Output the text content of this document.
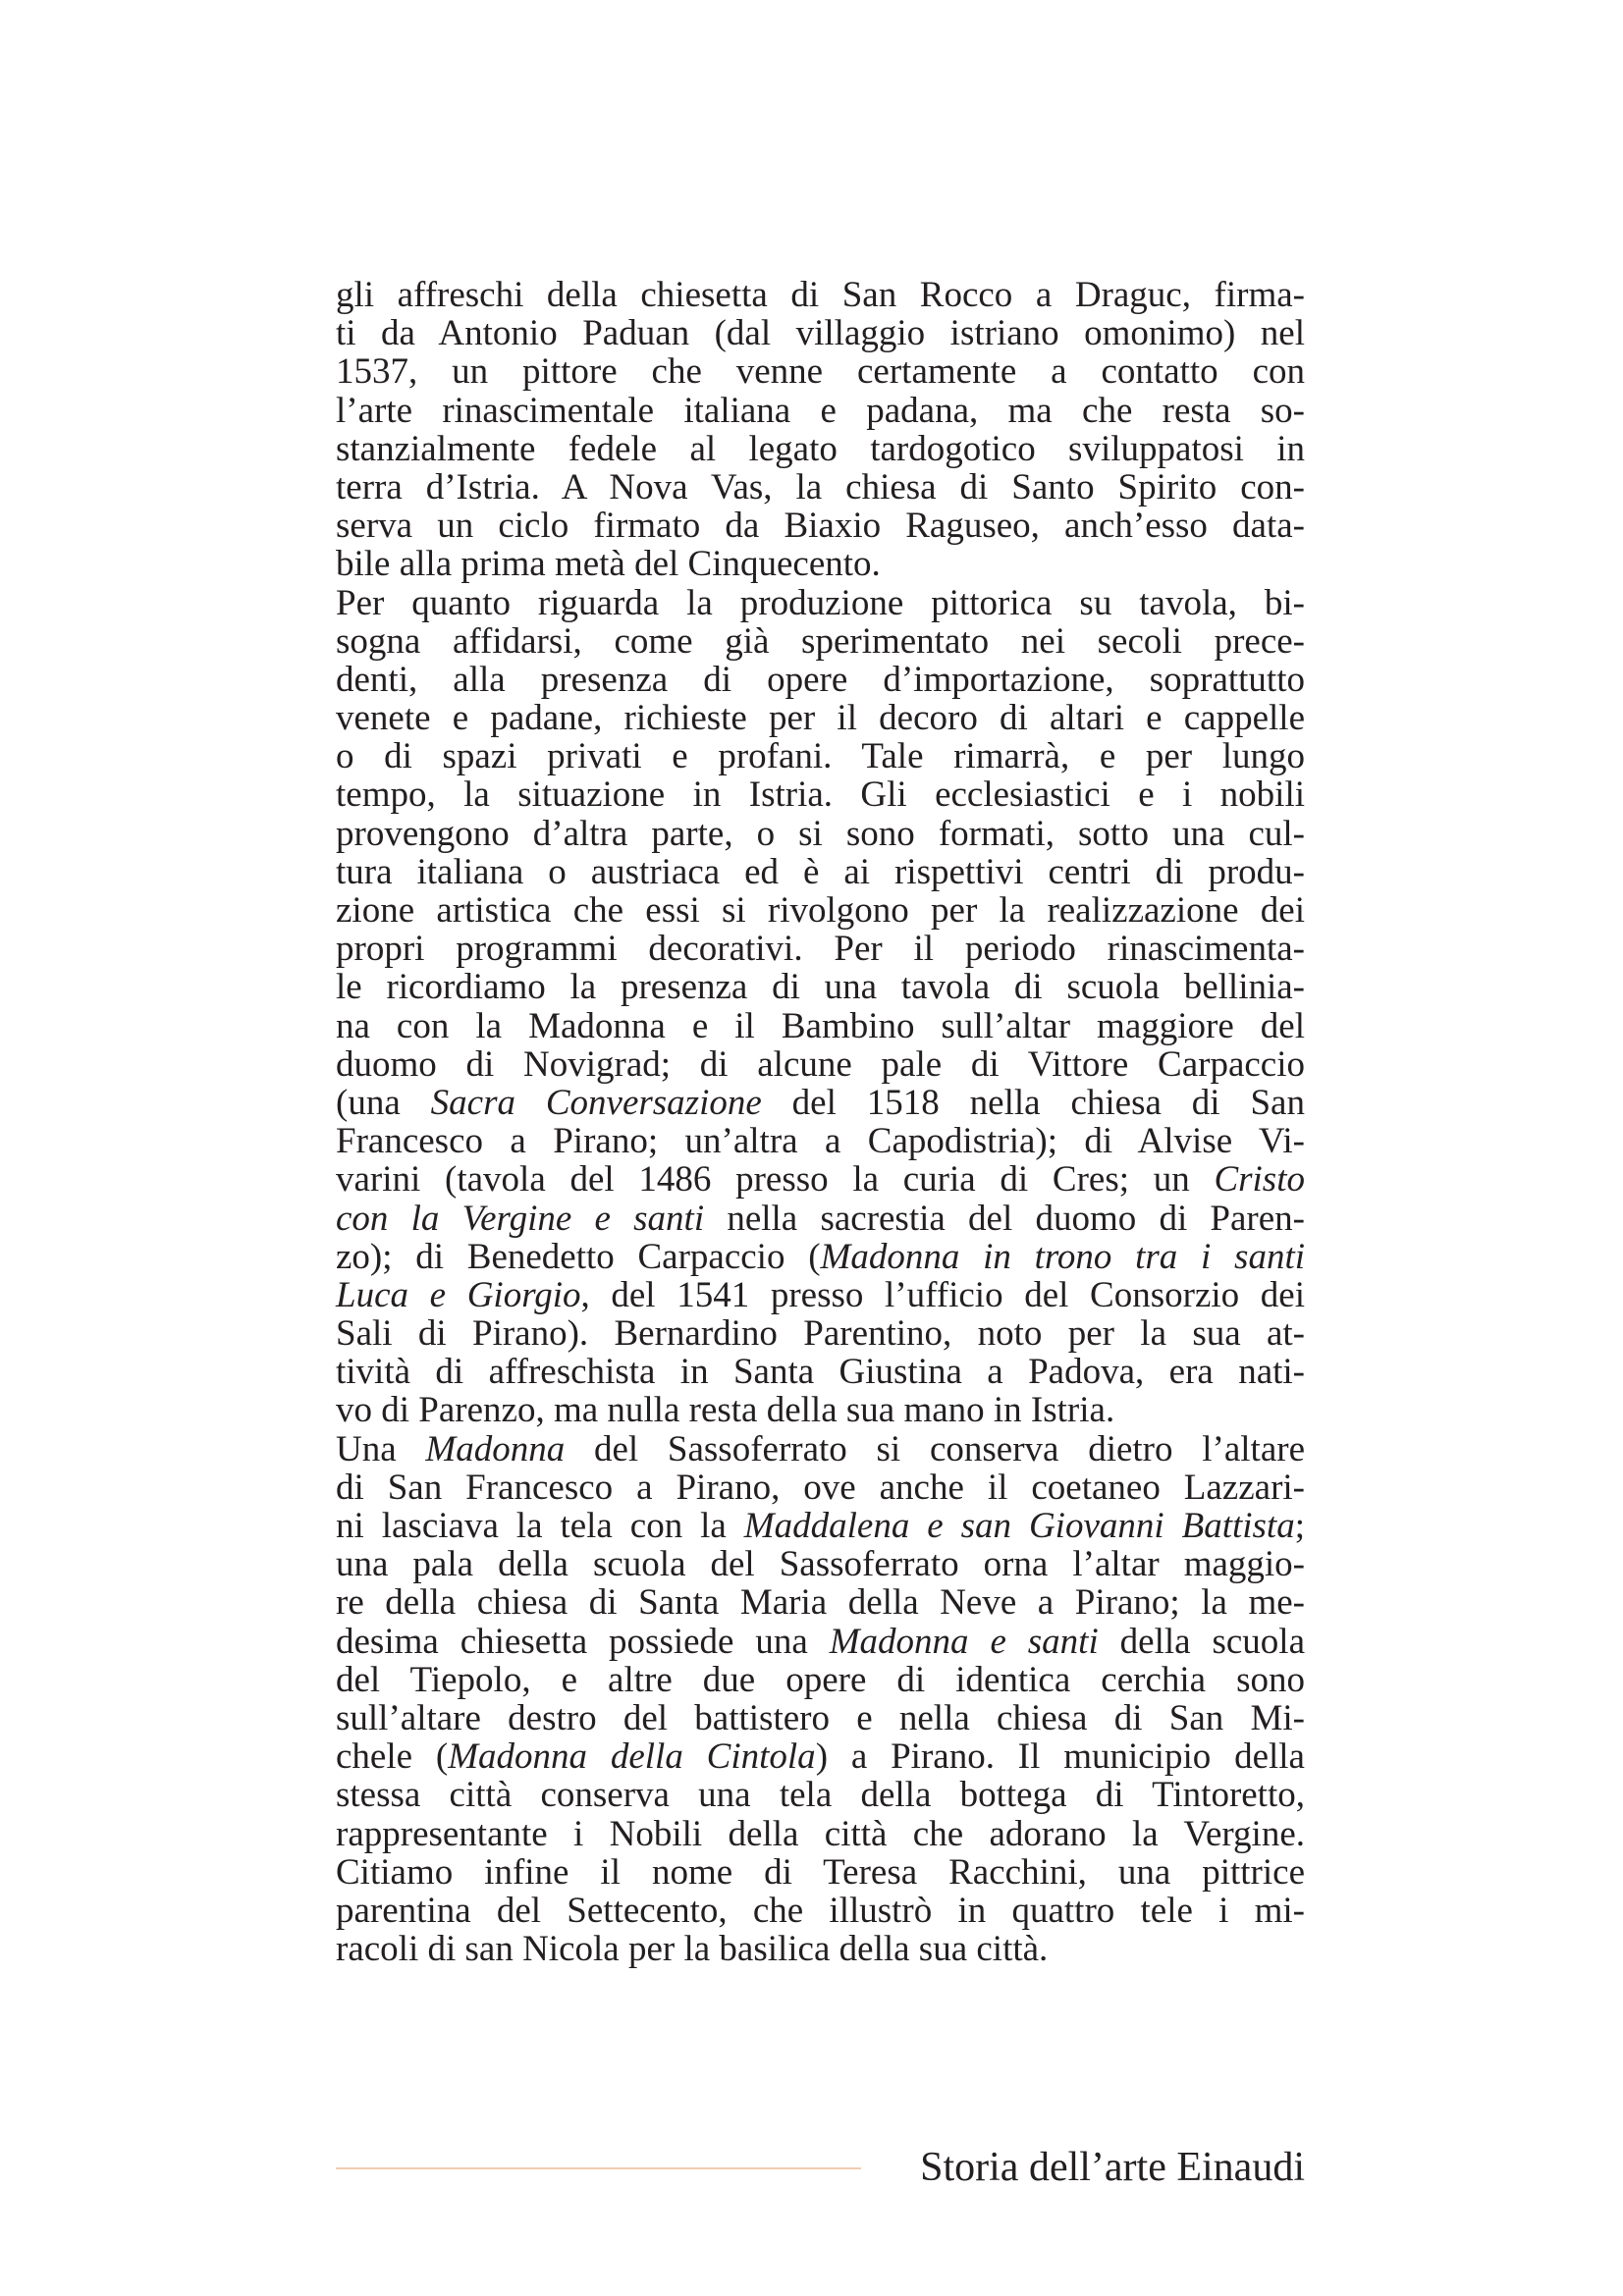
gli affreschi della chiesetta di San Rocco a Draguc, firma-
ti da Antonio Paduan (dal villaggio istriano omonimo) nel
1537, un pittore che venne certamente a contatto con
l’arte rinascimentale italiana e padana, ma che resta so-
stanzialmente fedele al legato tardogotico sviluppatosi in
terra d’Istria. A Nova Vas, la chiesa di Santo Spirito con-
serva un ciclo firmato da Biaxio Raguseo, anch’esso data-
bile alla prima metà del Cinquecento.
Per quanto riguarda la produzione pittorica su tavola, bi-
sogna affidarsi, come già sperimentato nei secoli prece-
denti, alla presenza di opere d’importazione, soprattutto
venete e padane, richieste per il decoro di altari e cappelle
o di spazi privati e profani. Tale rimarrà, e per lungo
tempo, la situazione in Istria. Gli ecclesiastici e i nobili
provengono d’altra parte, o si sono formati, sotto una cul-
tura italiana o austriaca ed è ai rispettivi centri di produ-
zione artistica che essi si rivolgono per la realizzazione dei
propri programmi decorativi. Per il periodo rinascimenta-
le ricordiamo la presenza di una tavola di scuola bellinia-
na con la Madonna e il Bambino sull’altar maggiore del
duomo di Novigrad; di alcune pale di Vittore Carpaccio
(una Sacra Conversazione del 1518 nella chiesa di San
Francesco a Pirano; un’altra a Capodistria); di Alvise Vi-
varini (tavola del 1486 presso la curia di Cres; un Cristo
con la Vergine e santi nella sacrestia del duomo di Paren-
zo); di Benedetto Carpaccio (Madonna in trono tra i santi
Luca e Giorgio, del 1541 presso l’ufficio del Consorzio dei
Sali di Pirano). Bernardino Parentino, noto per la sua at-
tività di affreschista in Santa Giustina a Padova, era nati-
vo di Parenzo, ma nulla resta della sua mano in Istria.
Una Madonna del Sassoferrato si conserva dietro l’altare
di San Francesco a Pirano, ove anche il coetaneo Lazzari-
ni lasciava la tela con la Maddalena e san Giovanni Battista;
una pala della scuola del Sassoferrato orna l’altar maggio-
re della chiesa di Santa Maria della Neve a Pirano; la me-
desima chiesetta possiede una Madonna e santi della scuola
del Tiepolo, e altre due opere di identica cerchia sono
sull’altare destro del battistero e nella chiesa di San Mi-
chele (Madonna della Cintola) a Pirano. Il municipio della
stessa città conserva una tela della bottega di Tintoretto,
rappresentante i Nobili della città che adorano la Vergine.
Citiamo infine il nome di Teresa Racchini, una pittrice
parentina del Settecento, che illustrò in quattro tele i mi-
racoli di san Nicola per la basilica della sua città.
Storia dell’arte Einaudi
